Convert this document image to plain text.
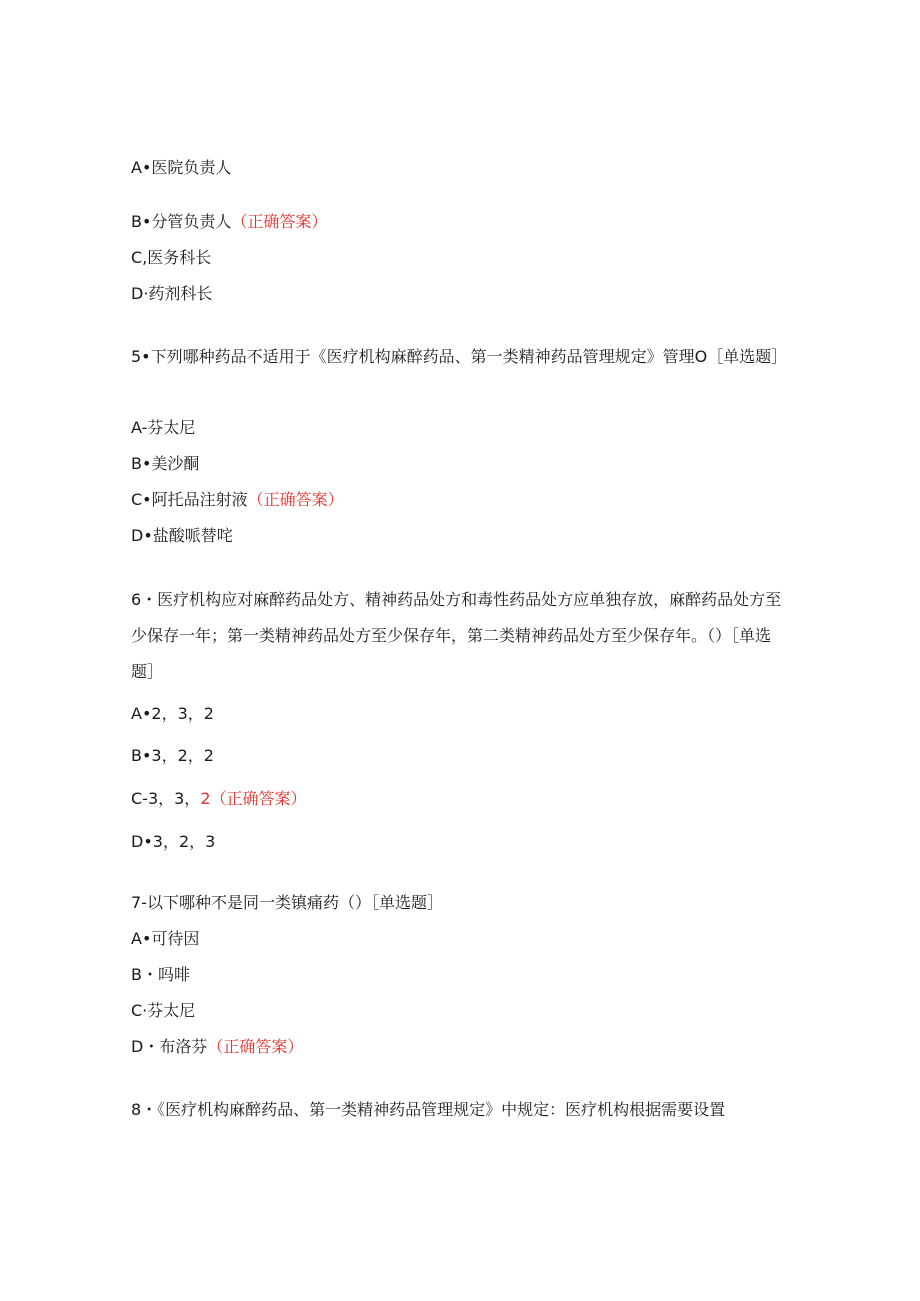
A•医院负责人
B•分管负责人（正确答案）
C,医务科长
D·药剂科长
5•下列哪种药品不适用于《医疗机构麻醉药品、第一类精神药品管理规定》管理O［单选题］
A-芬太尼
B•美沙酮
C•阿托品注射液（正确答案）
D•盐酸哌替咤
6・医疗机构应对麻醉药品处方、精神药品处方和毒性药品处方应单独存放，麻醉药品处方至少保存一年；第一类精神药品处方至少保存年，第二类精神药品处方至少保存年。（）［单选题］
A•2，3，2
B•3，2，2
C-3，3，2（正确答案）
D•3，2，3
7-以下哪种不是同一类镇痛药（）［单选题］
A•可待因
B・吗啡
C·芬太尼
D・布洛芬（正确答案）
8・《医疗机构麻醉药品、第一类精神药品管理规定》中规定：医疗机构根据需要设置
